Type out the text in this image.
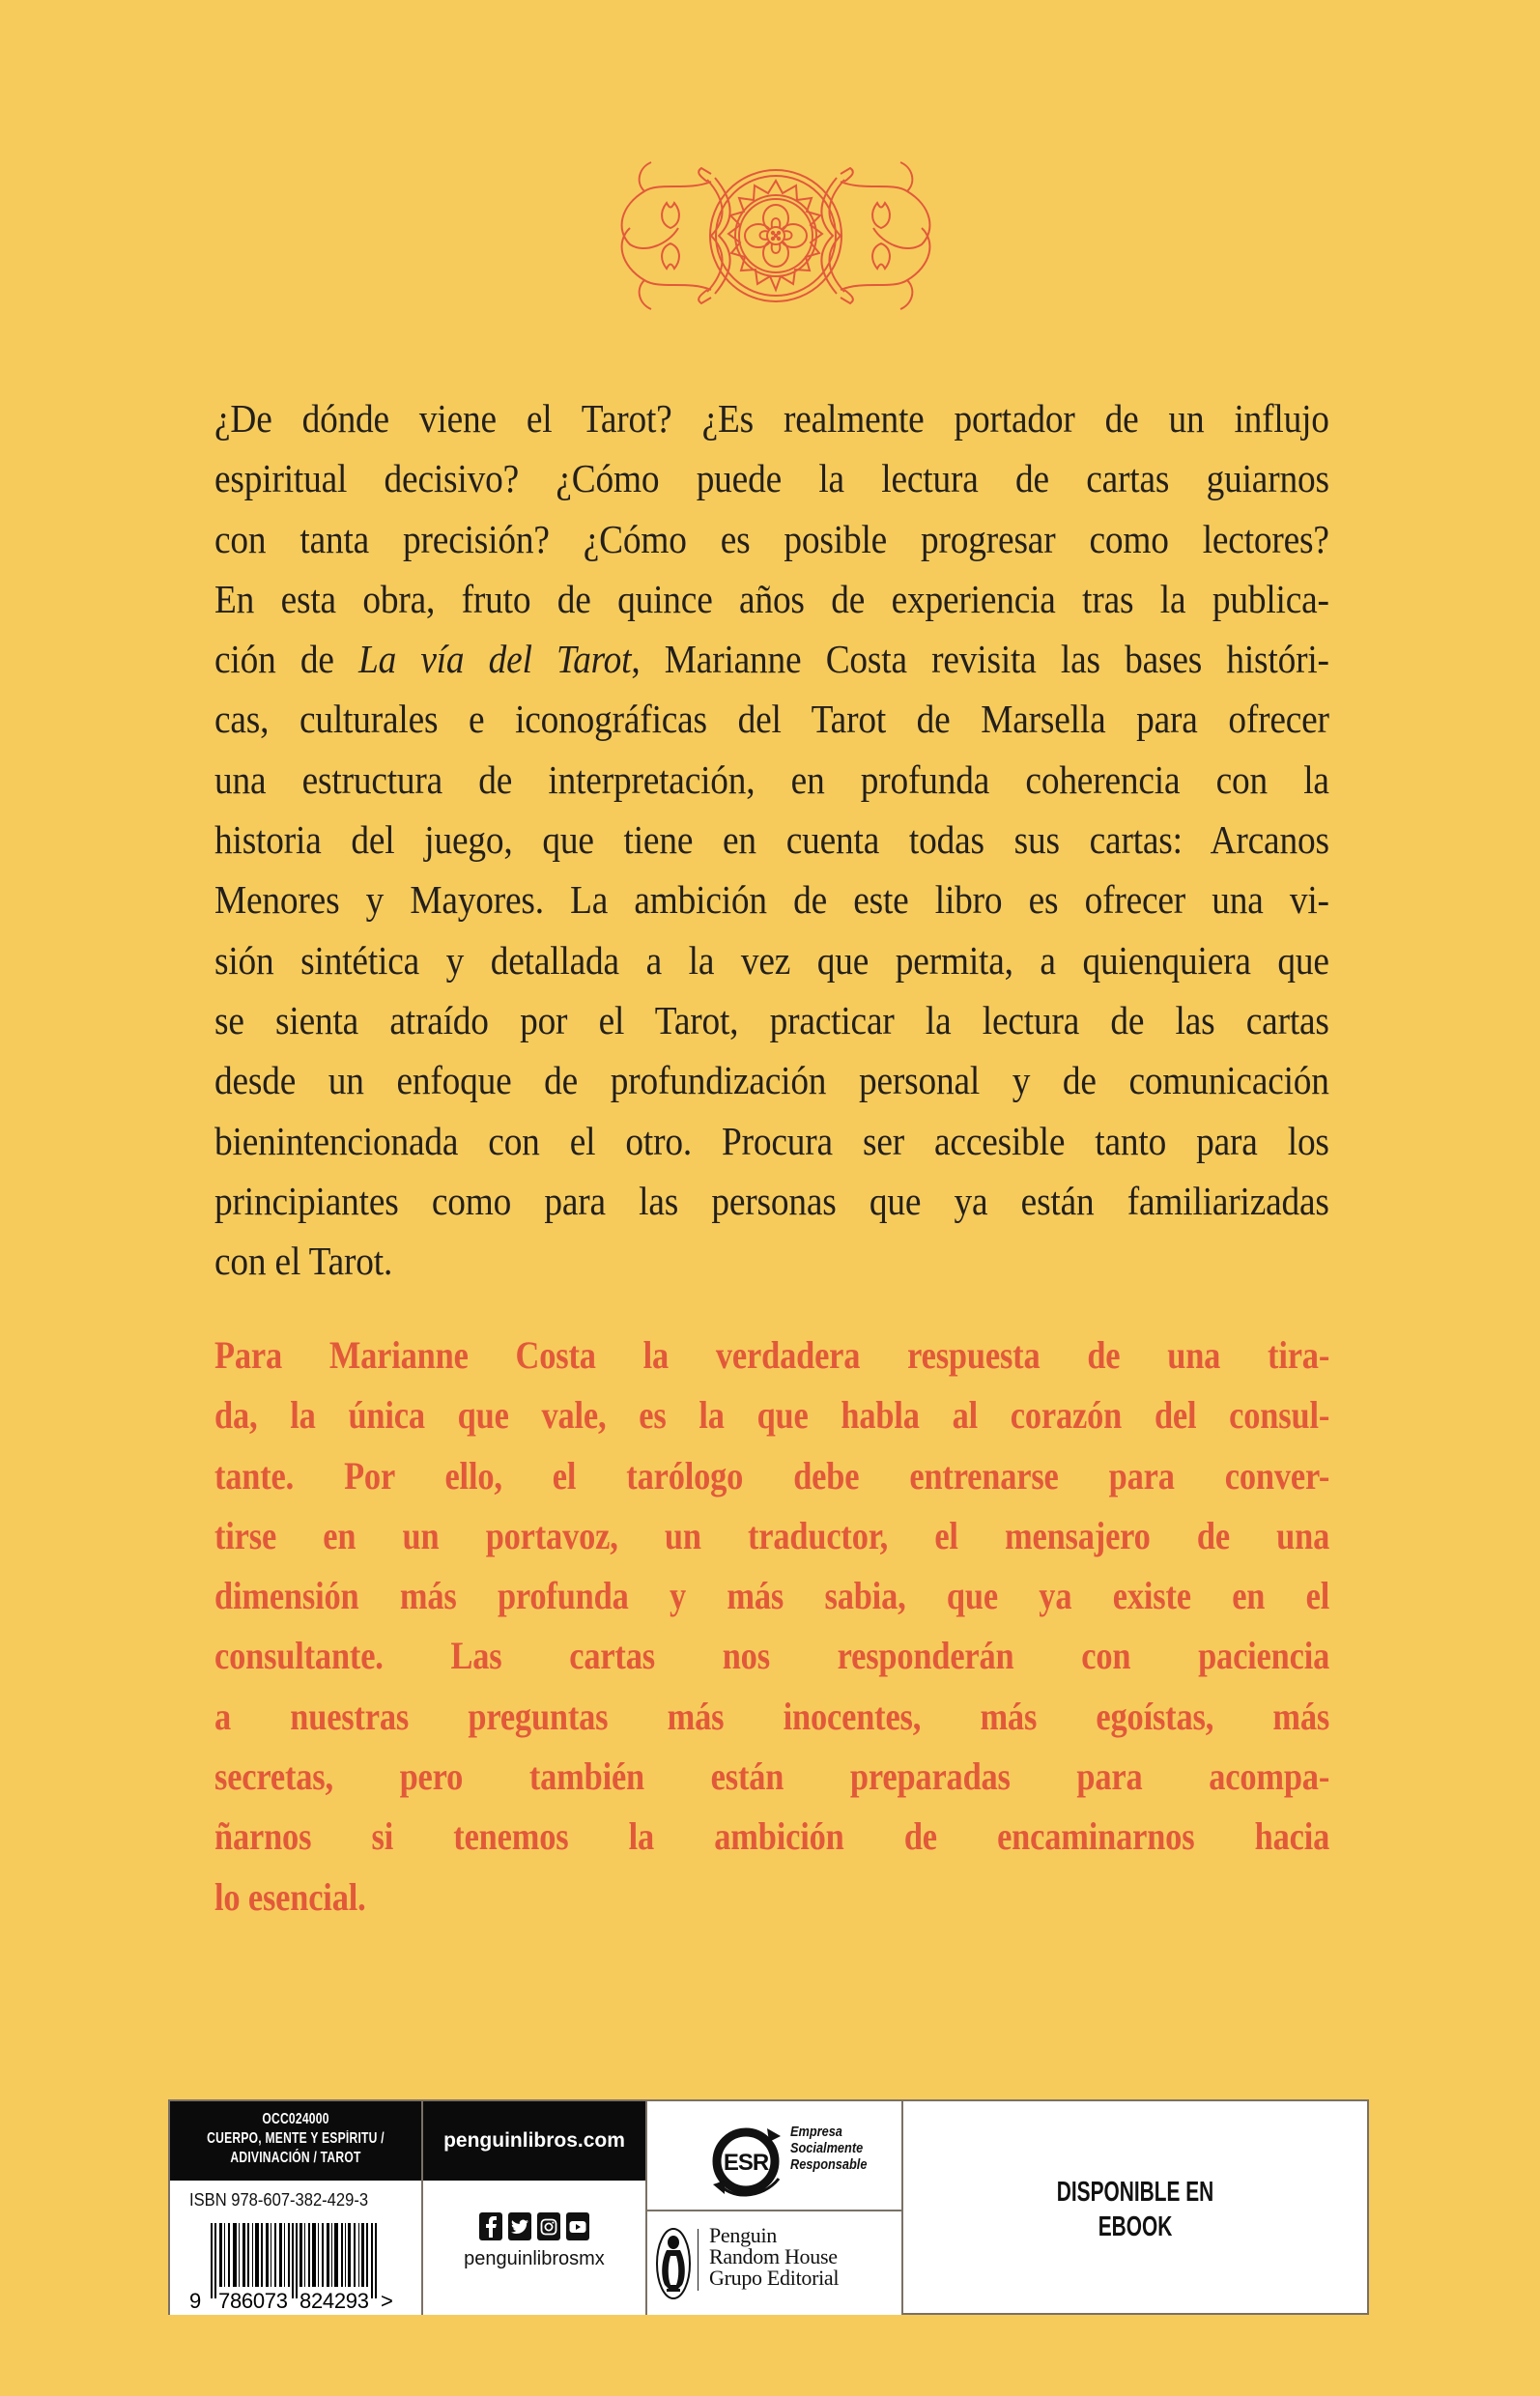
¿De dónde viene el Tarot? ¿Es realmente portador de un influjo
espiritual decisivo? ¿Cómo puede la lectura de cartas guiarnos
con tanta precisión? ¿Cómo es posible progresar como lectores?
En esta obra, fruto de quince años de experiencia tras la publica-
ción de La vía del Tarot, Marianne Costa revisita las bases históri-
cas, culturales e iconográficas del Tarot de Marsella para ofrecer
una estructura de interpretación, en profunda coherencia con la
historia del juego, que tiene en cuenta todas sus cartas: Arcanos
Menores y Mayores. La ambición de este libro es ofrecer una vi-
sión sintética y detallada a la vez que permita, a quienquiera que
se sienta atraído por el Tarot, practicar la lectura de las cartas
desde un enfoque de profundización personal y de comunicación
bienintencionada con el otro. Procura ser accesible tanto para los
principiantes como para las personas que ya están familiarizadas
con el Tarot.
Para Marianne Costa la verdadera respuesta de una tira-
da, la única que vale, es la que habla al corazón del consul-
tante. Por ello, el tarólogo debe entrenarse para conver-
tirse en un portavoz, un traductor, el mensajero de una
dimensión más profunda y más sabia, que ya existe en el
consultante. Las cartas nos responderán con paciencia
a nuestras preguntas más inocentes, más egoístas, más
secretas, pero también están preparadas para acompa-
ñarnos si tenemos la ambición de encaminarnos hacia
lo esencial.
OCC024000
CUERPO, MENTE Y ESPÍRITU /
ADIVINACIÓN / TAROT
ISBN 978-607-382-429-3
9 786073 824293 >
penguinlibros.com
penguinlibrosmx
ESR
Empresa
Socialmente
Responsable
Penguin
Random House
Grupo Editorial
DISPONIBLE EN
EBOOK
